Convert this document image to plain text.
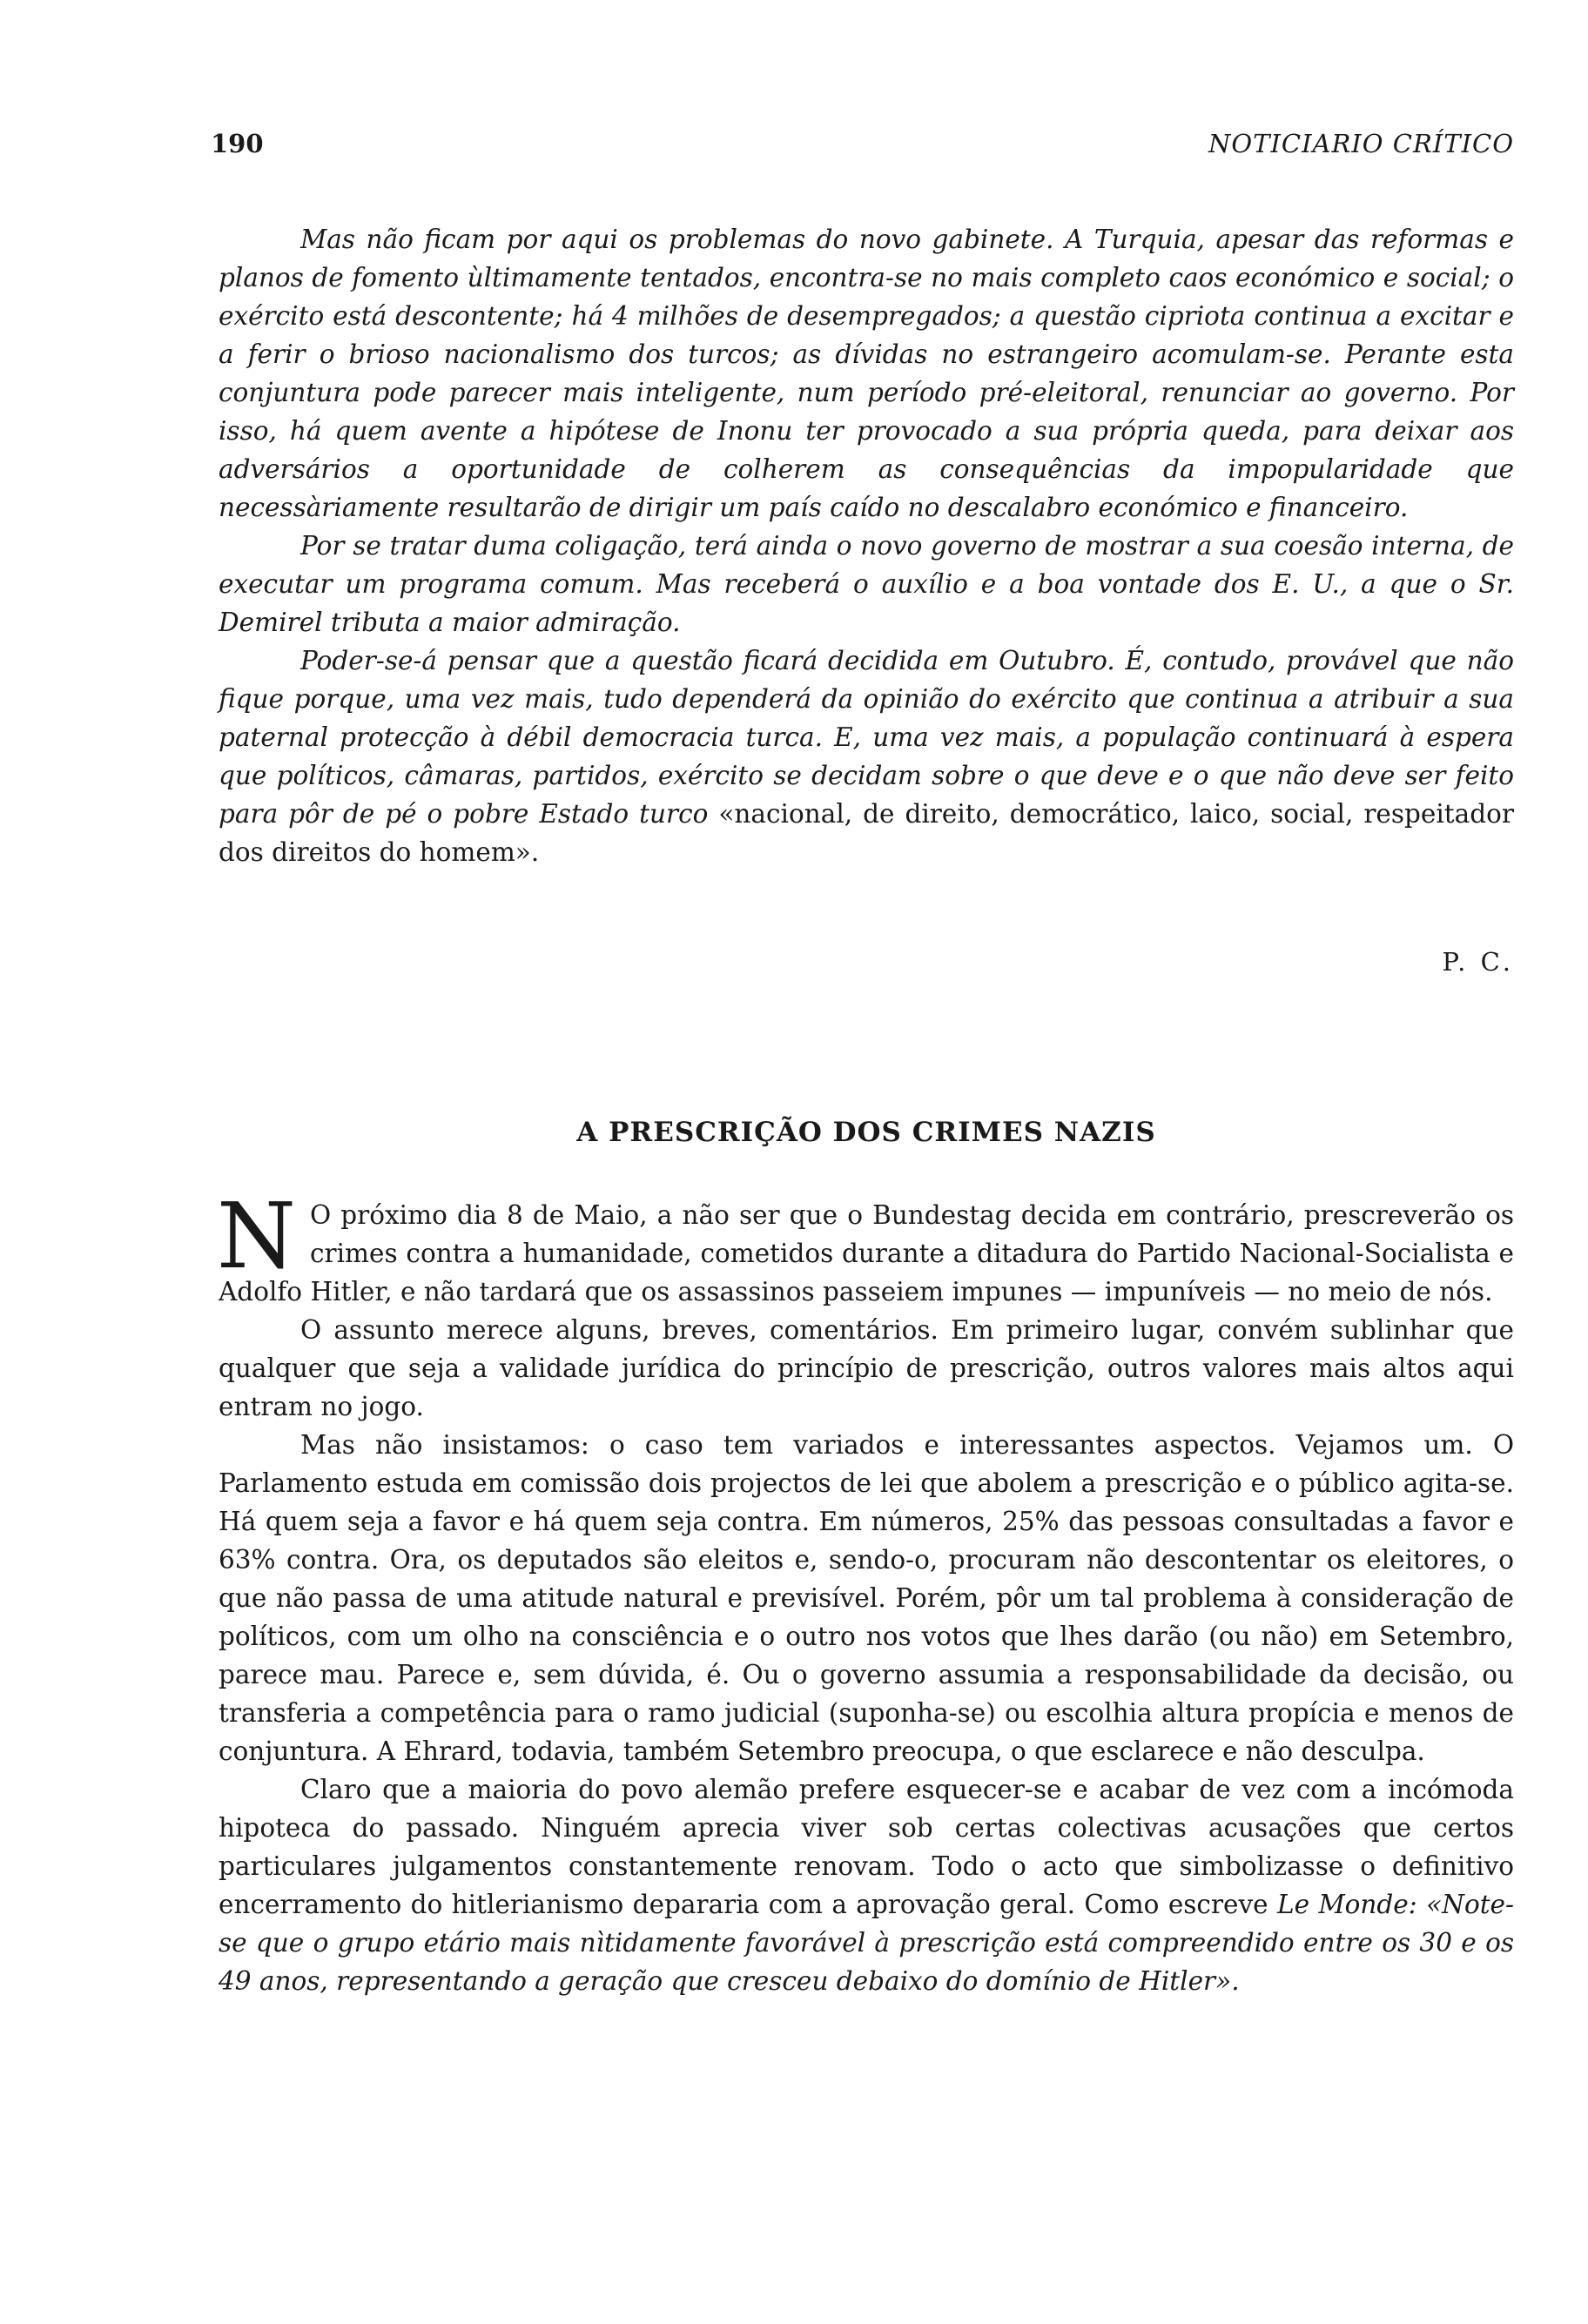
190	NOTICIARIO CRÍTICO

Mas não ficam por aqui os problemas do novo gabinete. A Turquia, apesar das reformas e planos de fomento ùltimamente tentados, encontra-se no mais completo caos económico e social; o exército está descontente; há 4 milhões de desempregados; a questão cipriota continua a excitar e a ferir o brioso nacionalismo dos turcos; as dívidas no estrangeiro acomulam-se. Perante esta conjuntura pode parecer mais inteligente, num período pré-eleitoral, renunciar ao governo. Por isso, há quem avente a hipótese de Inonu ter provocado a sua própria queda, para deixar aos adversários a oportunidade de colherem as consequências da impopularidade que necessàriamente resultarão de dirigir um país caído no descalabro económico e financeiro.

Por se tratar duma coligação, terá ainda o novo governo de mostrar a sua coesão interna, de executar um programa comum. Mas receberá o auxílio e a boa vontade dos E. U., a que o Sr. Demirel tributa a maior admiração.

Poder-se-á pensar que a questão ficará decidida em Outubro. É, contudo, provável que não fique porque, uma vez mais, tudo dependerá da opinião do exército que continua a atribuir a sua paternal protecção à débil democracia turca. E, uma vez mais, a população continuará à espera que políticos, câmaras, partidos, exército se decidam sobre o que deve e o que não deve ser feito para pôr de pé o pobre Estado turco «nacional, de direito, democrático, laico, social, respeitador dos direitos do homem».

P. C.
A PRESCRIÇÃO DOS CRIMES NAZIS

N O próximo dia 8 de Maio, a não ser que o Bundestag decida em contrário, prescreverão os crimes contra a humanidade, cometidos durante a ditadura do Partido Nacional-Socialista e Adolfo Hitler, e não tardará que os assassinos passeiem impunes — impuníveis — no meio de nós.

O assunto merece alguns, breves, comentários. Em primeiro lugar, convém sublinhar que qualquer que seja a validade jurídica do princípio de prescrição, outros valores mais altos aqui entram no jogo.

Mas não insistamos: o caso tem variados e interessantes aspectos. Vejamos um. O Parlamento estuda em comissão dois projectos de lei que abolem a prescrição e o público agita-se. Há quem seja a favor e há quem seja contra. Em números, 25% das pessoas consultadas a favor e 63% contra. Ora, os deputados são eleitos e, sendo-o, procuram não descontentar os eleitores, o que não passa de uma atitude natural e previsível. Porém, pôr um tal problema à consideração de políticos, com um olho na consciência e o outro nos votos que lhes darão (ou não) em Setembro, parece mau. Parece e, sem dúvida, é. Ou o governo assumia a responsabilidade da decisão, ou transferia a competência para o ramo judicial (suponha-se) ou escolhia altura propícia e menos de conjuntura. A Ehrard, todavia, também Setembro preocupa, o que esclarece e não desculpa.

Claro que a maioria do povo alemão prefere esquecer-se e acabar de vez com a incómoda hipoteca do passado. Ninguém aprecia viver sob certas colectivas acusações que certos particulares julgamentos constantemente renovam. Todo o acto que simbolizasse o definitivo encerramento do hitlerianismo depararia com a aprovação geral. Como escreve Le Monde: «Note-se que o grupo etário mais nìtidamente favorável à prescrição está compreendido entre os 30 e os 49 anos, representando a geração que cresceu debaixo do domínio de Hitler».
